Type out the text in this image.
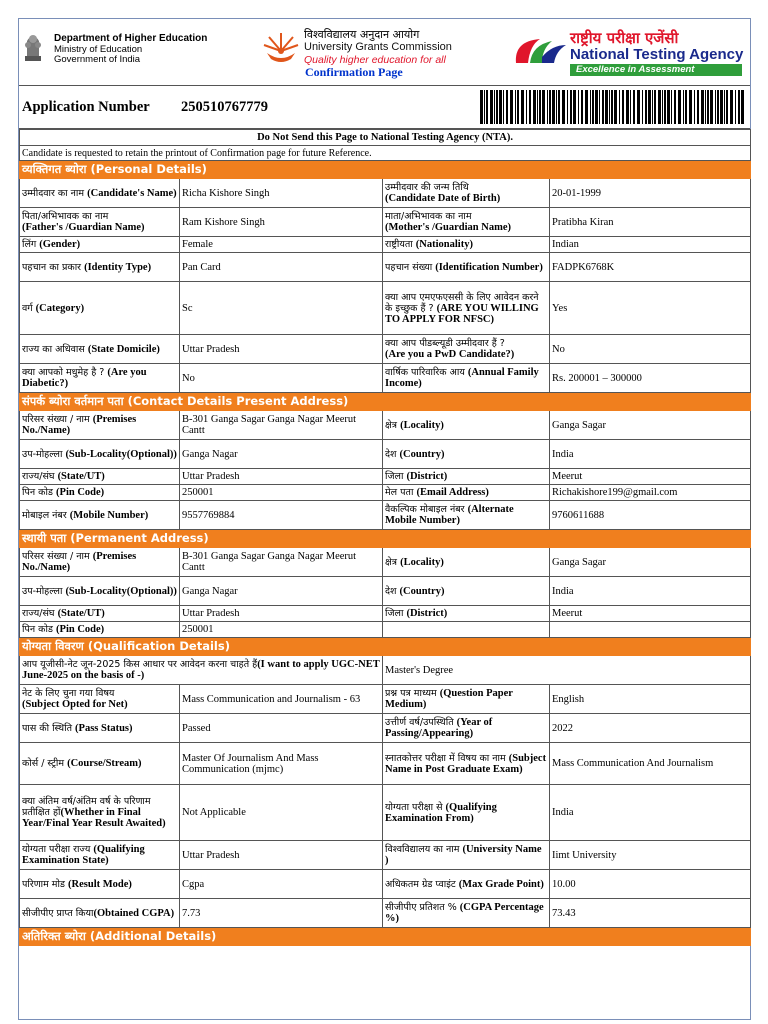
Department of Higher Education
Ministry of Education
Government of India
विश्वविद्यालय अनुदान आयोग
University Grants Commission
Quality higher education for all
Confirmation Page
राष्ट्रीय परीक्षा एजेंसी
National Testing Agency
Excellence in Assessment
Application Number	250510767779	
Do Not Send this Page to National Testing Agency (NTA).			
Candidate is requested to retain the printout of Confirmation page for future Reference.			
व्यक्तिगत ब्योरा (Personal Details)			
उम्मीदवार का नाम (Candidate's Name)	Richa Kishore Singh	उम्मीदवार की जन्म तिथि
(Candidate Date of Birth)	20-01-1999
पिता/अभिभावक का नाम
(Father's /Guardian Name)	Ram Kishore Singh	माता/अभिभावक का नाम
(Mother's /Guardian Name)	Pratibha Kiran
लिंग (Gender)	Female	राष्ट्रीयता (Nationality)	Indian
पहचान का प्रकार (Identity Type)	Pan Card	पहचान संख्या (Identification Number)	FADPK6768K
वर्ग (Category)	Sc	क्या आप एमएफएससी के लिए आवेदन करने के इच्छुक हैं ? (ARE YOU WILLING TO APPLY FOR NFSC)	Yes
राज्य का अधिवास (State Domicile)	Uttar Pradesh	क्या आप पीडब्ल्यूडी उम्मीदवार हैं ?
(Are you a PwD Candidate?)	No
क्या आपको मधुमेह है ? (Are you Diabetic?)	No	वार्षिक पारिवारिक आय (Annual Family Income)	Rs. 200001 – 300000
संपर्क ब्योरा वर्तमान पता (Contact Details Present Address)			
परिसर संख्या / नाम (Premises No./Name)	B-301 Ganga Sagar Ganga Nagar Meerut Cantt	क्षेत्र (Locality)	Ganga Sagar
उप-मोहल्ला (Sub-Locality(Optional))	Ganga Nagar	देश (Country)	India
राज्य/संघ (State/UT)	Uttar Pradesh	जिला (District)	Meerut
पिन कोड (Pin Code)	250001	मेल पता (Email Address)	Richakishore199@gmail.com
मोबाइल नंबर (Mobile Number)	9557769884	वैकल्पिक मोबाइल नंबर (Alternate Mobile Number)	9760611688
स्थायी पता (Permanent Address)			
परिसर संख्या / नाम (Premises No./Name)	B-301 Ganga Sagar Ganga Nagar Meerut Cantt	क्षेत्र (Locality)	Ganga Sagar
उप-मोहल्ला (Sub-Locality(Optional))	Ganga Nagar	देश (Country)	India
राज्य/संघ (State/UT)	Uttar Pradesh	जिला (District)	Meerut
पिन कोड (Pin Code)	250001		
योग्यता विवरण (Qualification Details)			
आप यूजीसी-नेट जून-2025 किस आधार पर आवेदन करना चाहते हैं(I want to apply UGC-NET June-2025 on the basis of -)		Master's Degree	
नेट के लिए चुना गया विषय
(Subject Opted for Net)	Mass Communication and Journalism - 63	प्रश्न पत्र माध्यम (Question Paper Medium)	English
पास की स्थिति (Pass Status)	Passed	उत्तीर्ण वर्ष/उपस्थिति (Year of Passing/Appearing)	2022
कोर्स / स्ट्रीम (Course/Stream)	Master Of Journalism And Mass Communication (mjmc)	स्नातकोत्तर परीक्षा में विषय का नाम (Subject Name in Post Graduate Exam)	Mass Communication And Journalism
क्या अंतिम वर्ष/अंतिम वर्ष के परिणाम प्रतीक्षित हों(Whether in Final Year/Final Year Result Awaited)	Not Applicable	योग्यता परीक्षा से (Qualifying Examination From)	India
योग्यता परीक्षा राज्य (Qualifying Examination State)	Uttar Pradesh	विश्वविद्यालय का नाम (University Name )	Iimt University
परिणाम मोड (Result Mode)	Cgpa	अधिकतम ग्रेड प्वाइंट (Max Grade Point)	10.00
सीजीपीए प्राप्त किया(Obtained CGPA)	7.73	सीजीपीए प्रतिशत % (CGPA Percentage %)	73.43
अतिरिक्त ब्योरा (Additional Details)			
